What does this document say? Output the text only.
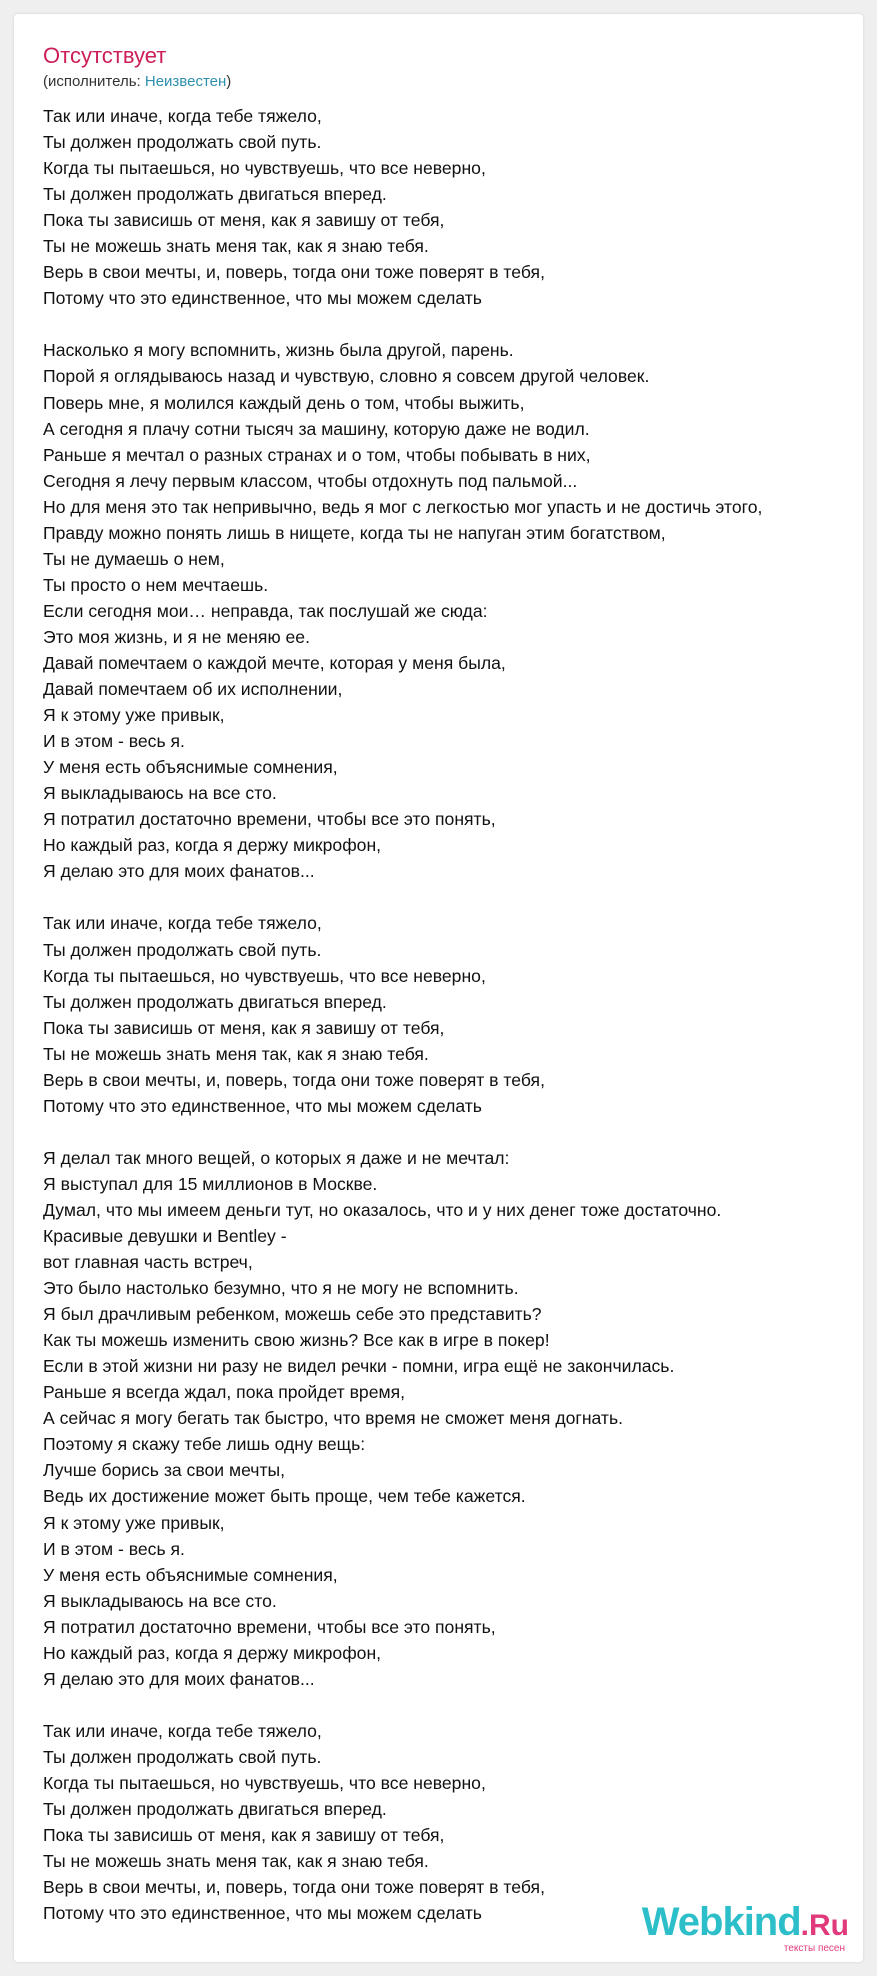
Отсутствует
(исполнитель: Неизвестен)
Так или иначе, когда тебе тяжело,
Ты должен продолжать свой путь.
Когда ты пытаешься, но чувствуешь, что все неверно,
Ты должен продолжать двигаться вперед.
Пока ты зависишь от меня, как я завишу от тебя,
Ты не можешь знать меня так, как я знаю тебя.
Верь в свои мечты, и, поверь, тогда они тоже поверят в тебя,
Потому что это единственное, что мы можем сделать
Насколько я могу вспомнить, жизнь была другой, парень.
Порой я оглядываюсь назад и чувствую, словно я совсем другой человек.
Поверь мне, я молился каждый день о том, чтобы выжить,
А сегодня я плачу сотни тысяч за машину, которую даже не водил.
Раньше я мечтал о разных странах и о том, чтобы побывать в них,
Сегодня я лечу первым классом, чтобы отдохнуть под пальмой...
Но для меня это так непривычно, ведь я мог с легкостью мог упасть и не достичь этого,
Правду можно понять лишь в нищете, когда ты не напуган этим богатством,
Ты не думаешь о нем,
Ты просто о нем мечтаешь.
Если сегодня мои… неправда, так послушай же сюда:
Это моя жизнь, и я не меняю ее.
Давай помечтаем о каждой мечте, которая у меня была,
Давай помечтаем об их исполнении,
Я к этому уже привык,
И в этом - весь я.
У меня есть объяснимые сомнения,
Я выкладываюсь на все сто.
Я потратил достаточно времени, чтобы все это понять,
Но каждый раз, когда я держу микрофон,
Я делаю это для моих фанатов...
Так или иначе, когда тебе тяжело,
Ты должен продолжать свой путь.
Когда ты пытаешься, но чувствуешь, что все неверно,
Ты должен продолжать двигаться вперед.
Пока ты зависишь от меня, как я завишу от тебя,
Ты не можешь знать меня так, как я знаю тебя.
Верь в свои мечты, и, поверь, тогда они тоже поверят в тебя,
Потому что это единственное, что мы можем сделать
Я делал так много вещей, о которых я даже и не мечтал:
Я выступал для 15 миллионов в Москве.
Думал, что мы имеем деньги тут, но оказалось, что и у них денег тоже достаточно.
Красивые девушки и Bentley -
вот главная часть встреч,
Это было настолько безумно, что я не могу не вспомнить.
Я был драчливым ребенком, можешь себе это представить?
Как ты можешь изменить свою жизнь? Все как в игре в покер!
Если в этой жизни ни разу не видел речки - помни, игра ещё не закончилась.
Раньше я всегда ждал, пока пройдет время,
А сейчас я могу бегать так быстро, что время не сможет меня догнать.
Поэтому я скажу тебе лишь одну вещь:
Лучше борись за свои мечты,
Ведь их достижение может быть проще, чем тебе кажется.
Я к этому уже привык,
И в этом - весь я.
У меня есть объяснимые сомнения,
Я выкладываюсь на все сто.
Я потратил достаточно времени, чтобы все это понять,
Но каждый раз, когда я держу микрофон,
Я делаю это для моих фанатов...
Так или иначе, когда тебе тяжело,
Ты должен продолжать свой путь.
Когда ты пытаешься, но чувствуешь, что все неверно,
Ты должен продолжать двигаться вперед.
Пока ты зависишь от меня, как я завишу от тебя,
Ты не можешь знать меня так, как я знаю тебя.
Верь в свои мечты, и, поверь, тогда они тоже поверят в тебя,
Потому что это единственное, что мы можем сделать	Webkind.Ru
тексты песен
